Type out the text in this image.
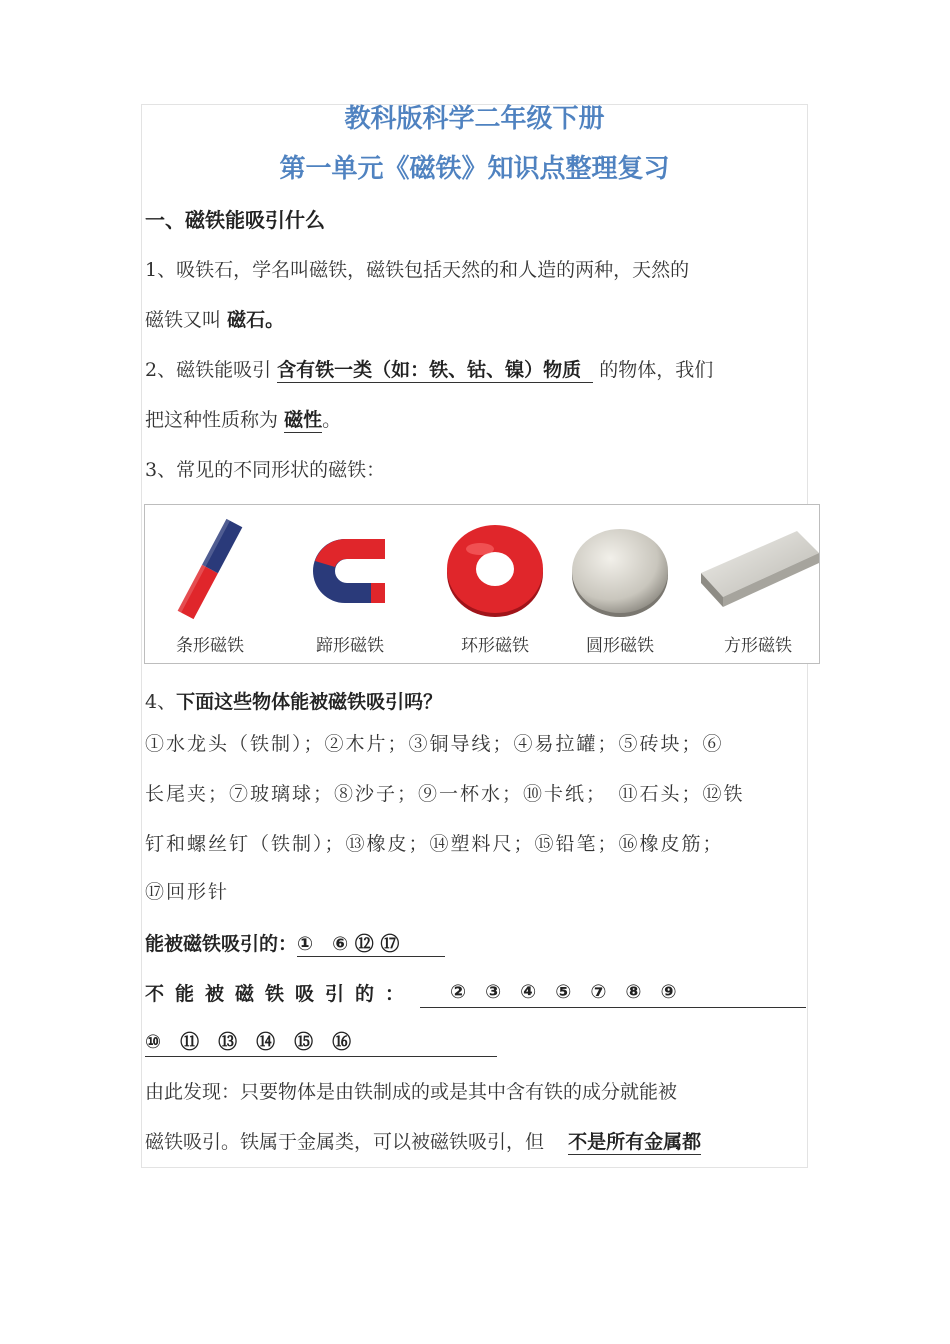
教科版科学二年级下册
第一单元《磁铁》知识点整理复习
一、磁铁能吸引什么
1、吸铁石，学名叫磁铁，磁铁包括天然的和人造的两种，天然的
磁铁又叫 磁石。
2、磁铁能吸引 含有铁一类（如：铁、钴、镍）物质 的物体，我们
把这种性质称为 磁性。
3、常见的不同形状的磁铁：
条形磁铁
S
蹄形磁铁	环形磁铁	圆形磁铁	方形磁铁
4、下面这些物体能被磁铁吸引吗？
①水龙头（铁制）；②木片；③铜导线；④易拉罐；⑤砖块；⑥
长尾夹；⑦玻璃球；⑧沙子；⑨一杯水；⑩卡纸；　⑪石头；⑫铁
钉和螺丝钉（铁制）；⑬橡皮；⑭塑料尺；⑮铅笔；⑯橡皮筋；
⑰回形针
能被磁铁吸引的：①　⑥ ⑫ ⑰
不能被磁铁吸引的：	②　③　④　⑤　⑦　⑧　⑨
⑩　⑪　⑬　⑭　⑮　⑯
由此发现：只要物体是由铁制成的或是其中含有铁的成分就能被
磁铁吸引。铁属于金属类，可以被磁铁吸引，但 不是所有金属都
